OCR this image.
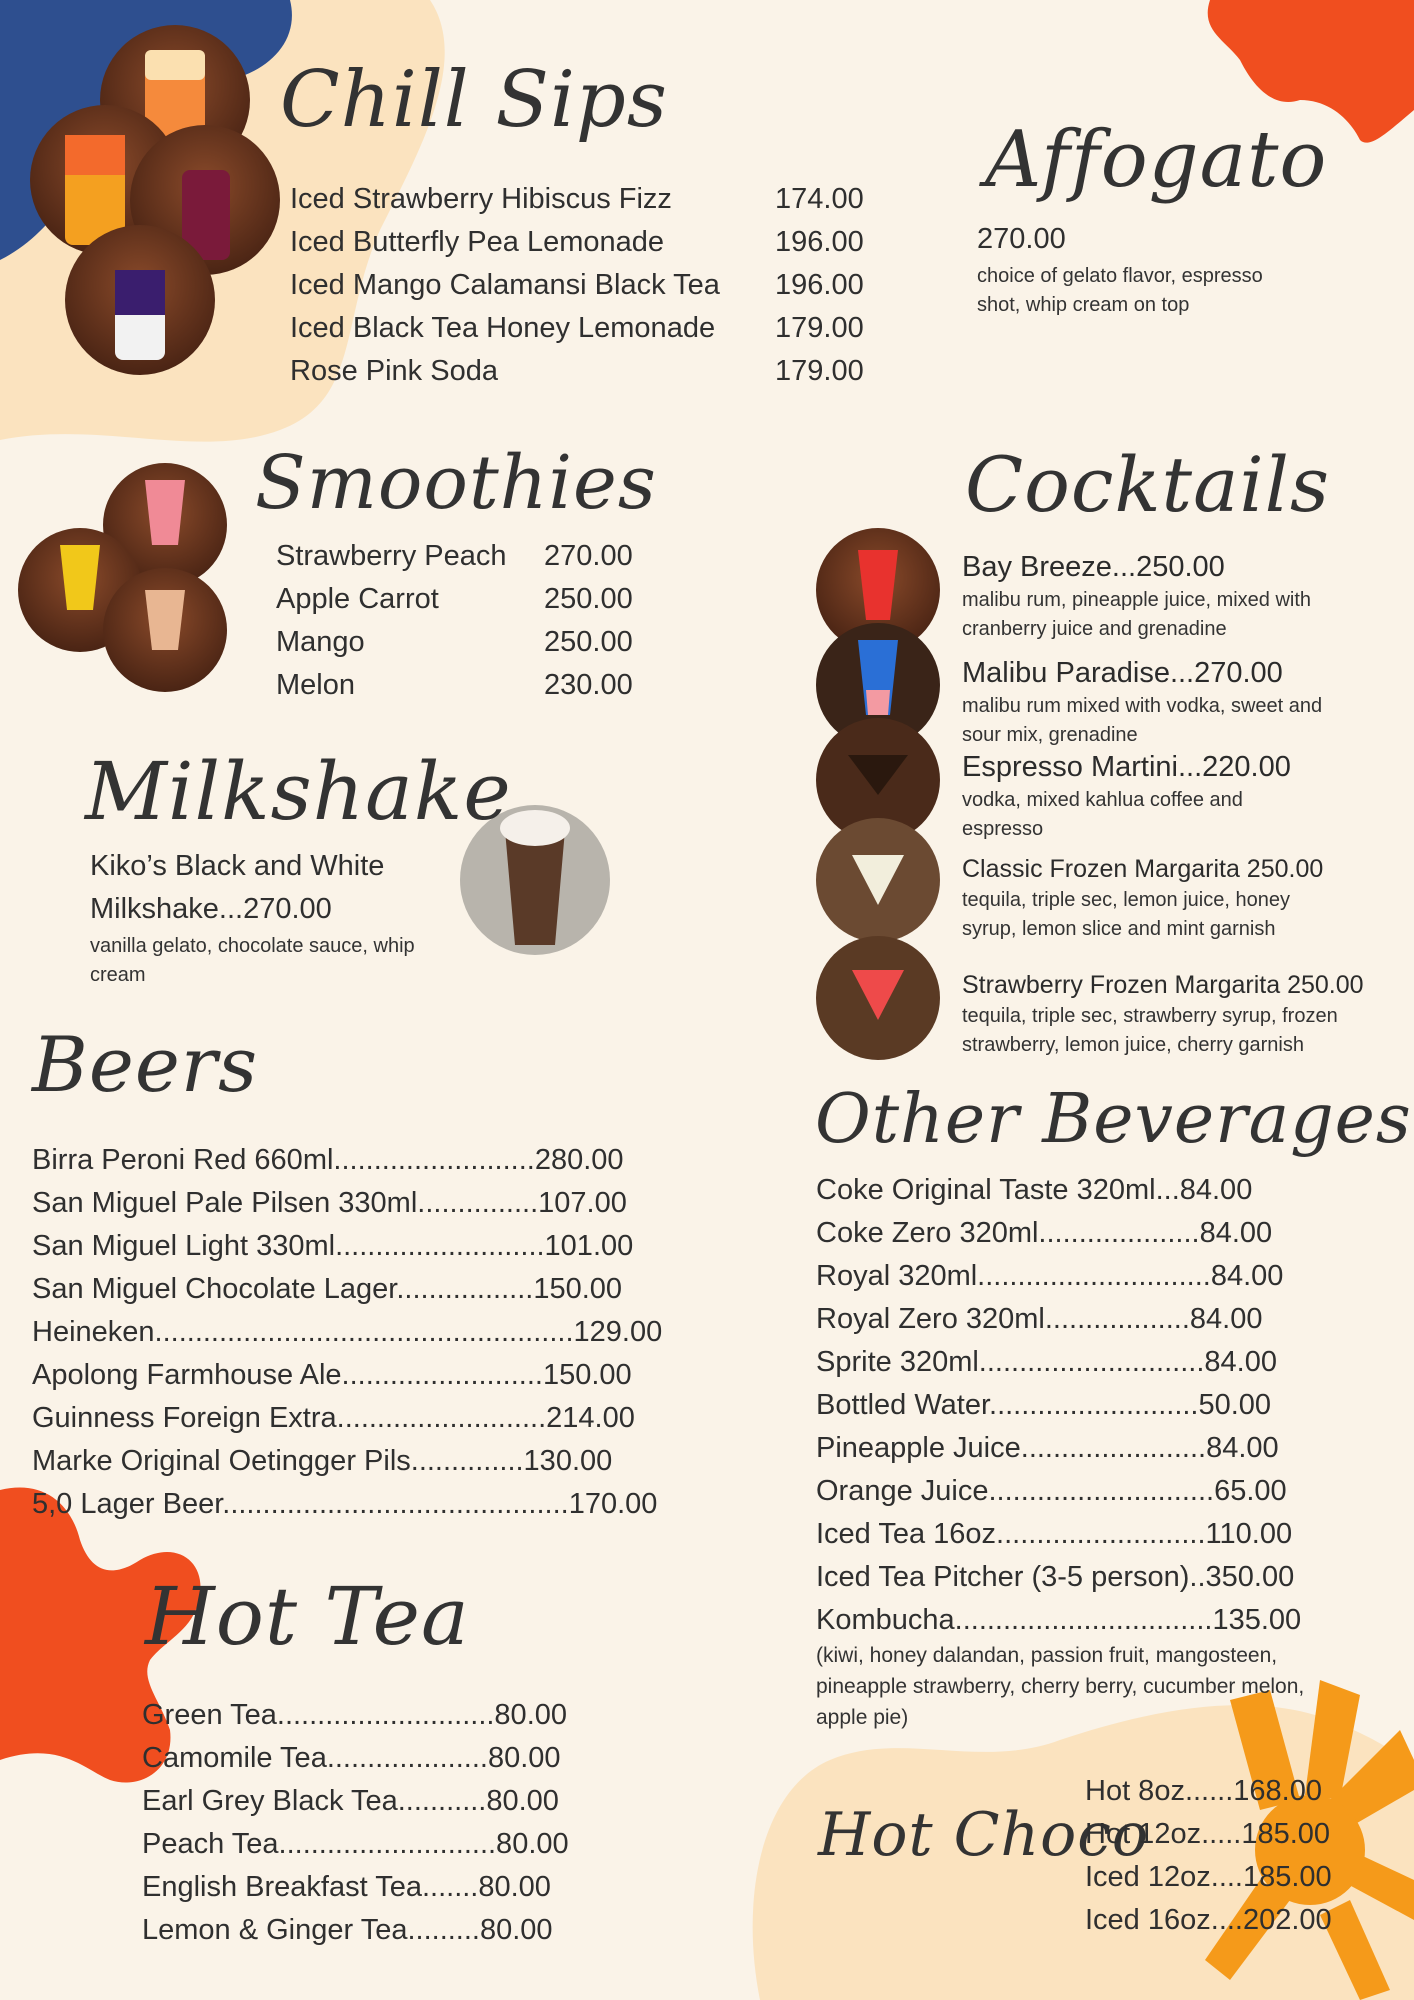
Chill Sips
Iced Strawberry Hibiscus Fizz	174.00
Iced Butterfly Pea Lemonade	196.00
Iced Mango Calamansi Black Tea	196.00
Iced Black Tea Honey Lemonade	179.00
Rose Pink Soda	179.00
Affogato
270.00
choice of gelato flavor, espresso shot, whip cream on top
Smoothies
Strawberry Peach	270.00
Apple Carrot	250.00
Mango	250.00
Melon	230.00
Cocktails
Bay Breeze...250.00
malibu rum, pineapple juice, mixed with cranberry juice and grenadine
Malibu Paradise...270.00
malibu rum mixed with vodka, sweet and sour mix, grenadine
Espresso Martini...220.00
vodka, mixed kahlua coffee and espresso
Classic Frozen Margarita 250.00
tequila, triple sec, lemon juice, honey syrup, lemon slice and mint garnish
Strawberry Frozen Margarita 250.00
tequila, triple sec, strawberry syrup, frozen strawberry, lemon juice, cherry garnish
Milkshake
Kiko’s Black and White
Milkshake...270.00
vanilla gelato, chocolate sauce, whip cream
Beers
Birra Peroni Red 660ml.........................280.00
San Miguel Pale Pilsen 330ml...............107.00
San Miguel Light 330ml..........................101.00
San Miguel Chocolate Lager.................150.00
Heineken....................................................129.00
Apolong Farmhouse Ale.........................150.00
Guinness Foreign Extra..........................214.00
Marke Original Oetingger Pils..............130.00
5,0 Lager Beer...........................................170.00
Other Beverages
Coke Original Taste 320ml...84.00
Coke Zero 320ml....................84.00
Royal 320ml.............................84.00
Royal Zero 320ml..................84.00
Sprite 320ml............................84.00
Bottled Water..........................50.00
Pineapple Juice.......................84.00
Orange Juice............................65.00
Iced Tea 16oz..........................110.00
Iced Tea Pitcher (3-5 person)..350.00
Kombucha................................135.00
(kiwi, honey dalandan, passion fruit, mangosteen, pineapple strawberry, cherry berry, cucumber melon, apple pie)
Hot Tea
Green Tea...........................80.00
Camomile Tea....................80.00
Earl Grey Black Tea...........80.00
Peach Tea...........................80.00
English Breakfast Tea.......80.00
Lemon & Ginger Tea.........80.00
Hot Choco
Hot 8oz......168.00
Hot 12oz.....185.00
Iced 12oz....185.00
Iced 16oz....202.00
